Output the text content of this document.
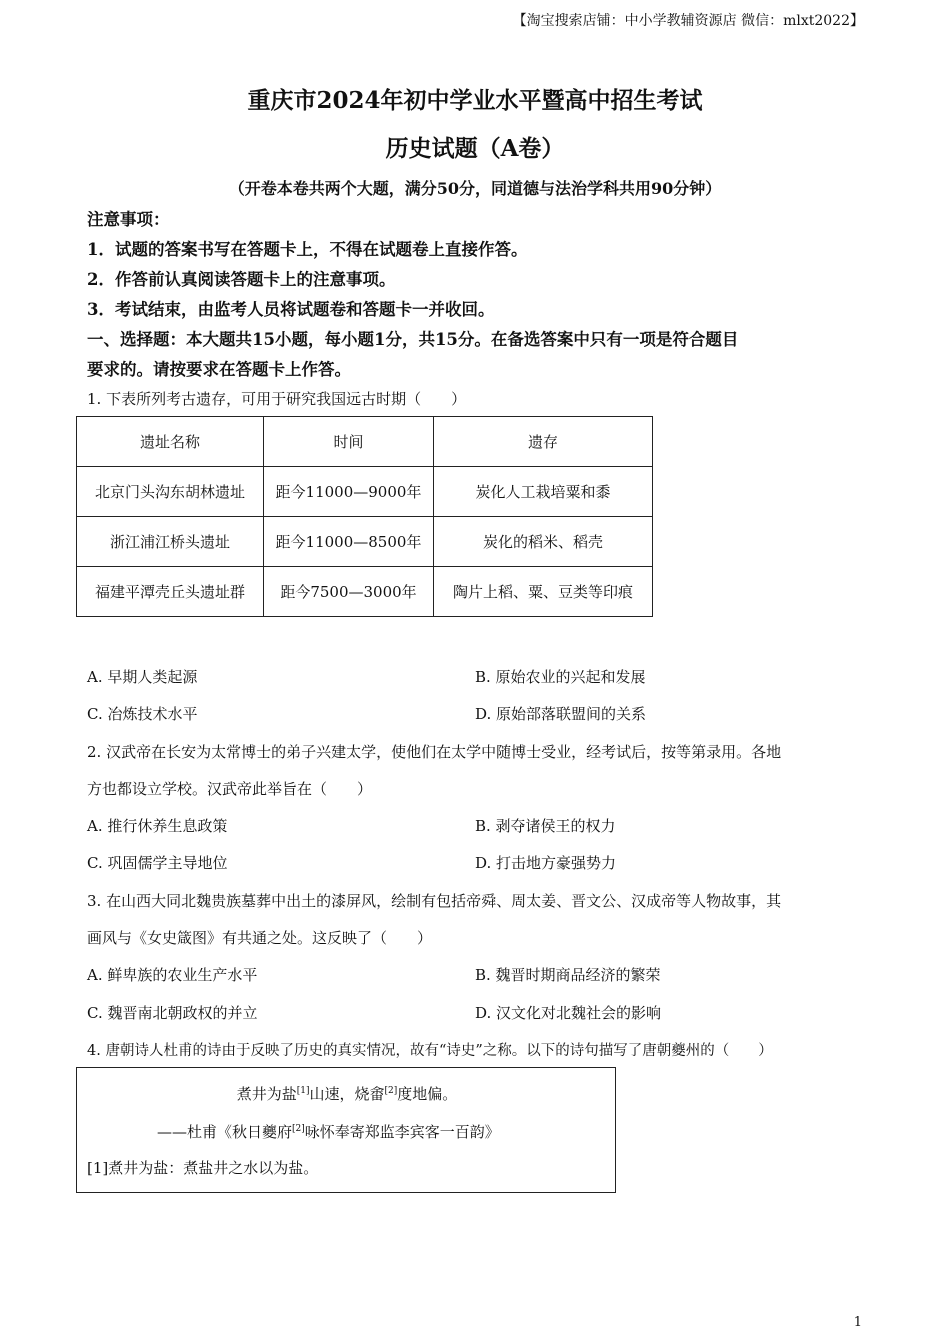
【淘宝搜索店铺：中小学教辅资源店 微信：mlxt2022】
重庆市2024年初中学业水平暨高中招生考试
历史试题（A卷）
（开卷本卷共两个大题，满分50分，同道德与法治学科共用90分钟）
注意事项：
1．试题的答案书写在答题卡上，不得在试题卷上直接作答。
2．作答前认真阅读答题卡上的注意事项。
3．考试结束，由监考人员将试题卷和答题卡一并收回。
一、选择题：本大题共15小题，每小题1分，共15分。在备选答案中只有一项是符合题目
要求的。请按要求在答题卡上作答。
1. 下表所列考古遗存，可用于研究我国远古时期（　　）
遗址名称	时间	遗存
北京门头沟东胡林遗址	距今11000—9000年	炭化人工栽培粟和黍
浙江浦江桥头遗址	距今11000—8500年	炭化的稻米、稻壳
福建平潭壳丘头遗址群	距今7500—3000年	陶片上稻、粟、豆类等印痕
A. 早期人类起源	B. 原始农业的兴起和发展
C. 冶炼技术水平	D. 原始部落联盟间的关系
2. 汉武帝在长安为太常博士的弟子兴建太学，使他们在太学中随博士受业，经考试后，按等第录用。各地
方也都设立学校。汉武帝此举旨在（　　）
A. 推行休养生息政策	B. 剥夺诸侯王的权力
C. 巩固儒学主导地位	D. 打击地方豪强势力
3. 在山西大同北魏贵族墓葬中出土的漆屏风，绘制有包括帝舜、周太姜、晋文公、汉成帝等人物故事，其
画风与《女史箴图》有共通之处。这反映了（　　）
A. 鲜卑族的农业生产水平	B. 魏晋时期商品经济的繁荣
C. 魏晋南北朝政权的并立	D. 汉文化对北魏社会的影响
4. 唐朝诗人杜甫的诗由于反映了历史的真实情况，故有“诗史”之称。以下的诗句描写了唐朝夔州的（　　）
煮井为盐[1]山速，烧畬[2]度地偏。
——杜甫《秋日夔府[2]咏怀奉寄郑监李宾客一百韵》
[1]煮井为盐：煮盐井之水以为盐。
1
